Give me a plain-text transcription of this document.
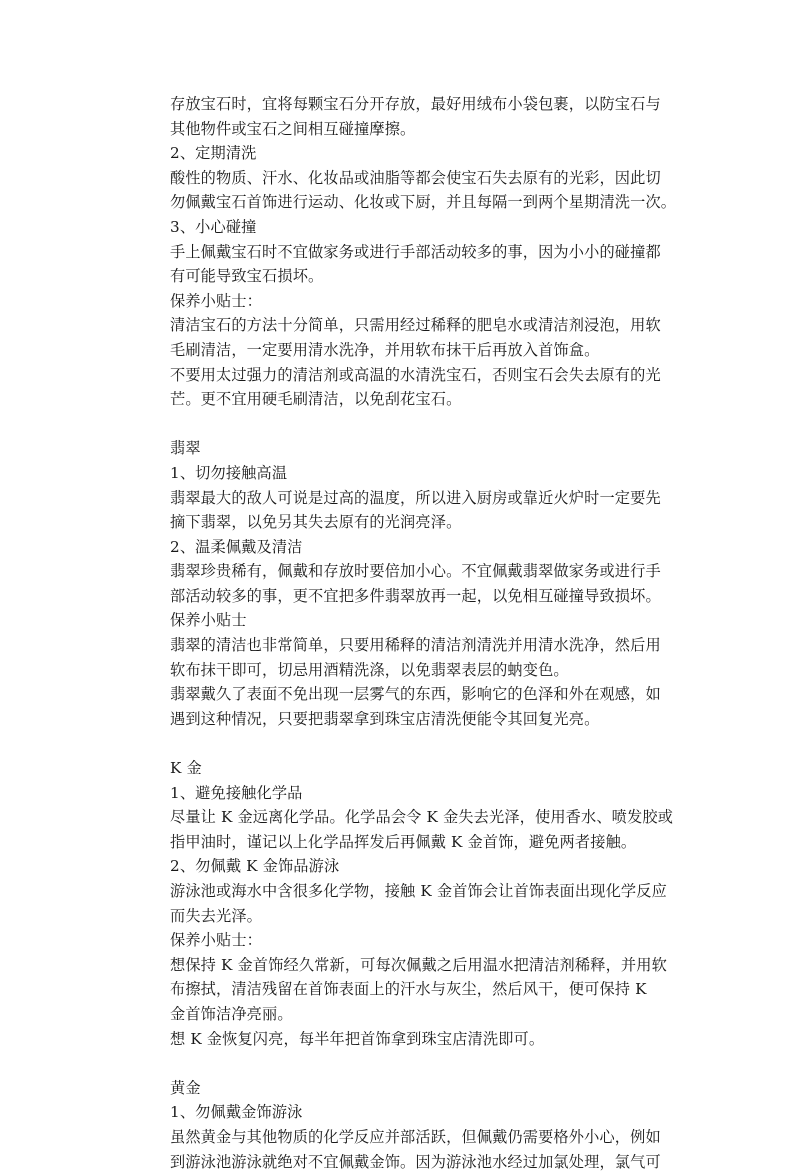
存放宝石时，宜将每颗宝石分开存放，最好用绒布小袋包裹，以防宝石与
其他物件或宝石之间相互碰撞摩擦。
2、定期清洗
酸性的物质、汗水、化妆品或油脂等都会使宝石失去原有的光彩，因此切
勿佩戴宝石首饰进行运动、化妆或下厨，并且每隔一到两个星期清洗一次。
3、小心碰撞
手上佩戴宝石时不宜做家务或进行手部活动较多的事，因为小小的碰撞都
有可能导致宝石损坏。
保养小贴士：
清洁宝石的方法十分简单，只需用经过稀释的肥皂水或清洁剂浸泡，用软
毛刷清洁，一定要用清水洗净，并用软布抹干后再放入首饰盒。
不要用太过强力的清洁剂或高温的水清洗宝石，否则宝石会失去原有的光
芒。更不宜用硬毛刷清洁，以免刮花宝石。
翡翠
1、切勿接触高温
翡翠最大的敌人可说是过高的温度，所以进入厨房或靠近火炉时一定要先
摘下翡翠，以免另其失去原有的光润亮泽。
2、温柔佩戴及清洁
翡翠珍贵稀有，佩戴和存放时要倍加小心。不宜佩戴翡翠做家务或进行手
部活动较多的事，更不宜把多件翡翠放再一起，以免相互碰撞导致损坏。
保养小贴士
翡翠的清洁也非常简单，只要用稀释的清洁剂清洗并用清水洗净，然后用
软布抹干即可，切忌用酒精洗涤，以免翡翠表层的蚋变色。
翡翠戴久了表面不免出现一层雾气的东西，影响它的色泽和外在观感，如
遇到这种情况，只要把翡翠拿到珠宝店清洗便能令其回复光亮。
K 金
1、避免接触化学品
尽量让 K 金远离化学品。化学品会令 K 金失去光泽，使用香水、喷发胶或
指甲油时，谨记以上化学品挥发后再佩戴 K 金首饰，避免两者接触。
2、勿佩戴 K 金饰品游泳
游泳池或海水中含很多化学物，接触 K 金首饰会让首饰表面出现化学反应
而失去光泽。
保养小贴士：
想保持 K 金首饰经久常新，可每次佩戴之后用温水把清洁剂稀释，并用软
布擦拭，清洁残留在首饰表面上的汗水与灰尘，然后风干，便可保持 K
金首饰洁净亮丽。
想 K 金恢复闪亮，每半年把首饰拿到珠宝店清洗即可。
黄金
1、勿佩戴金饰游泳
虽然黄金与其他物质的化学反应并部活跃，但佩戴仍需要格外小心，例如
到游泳池游泳就绝对不宜佩戴金饰。因为游泳池水经过加氯处理，氯气可
